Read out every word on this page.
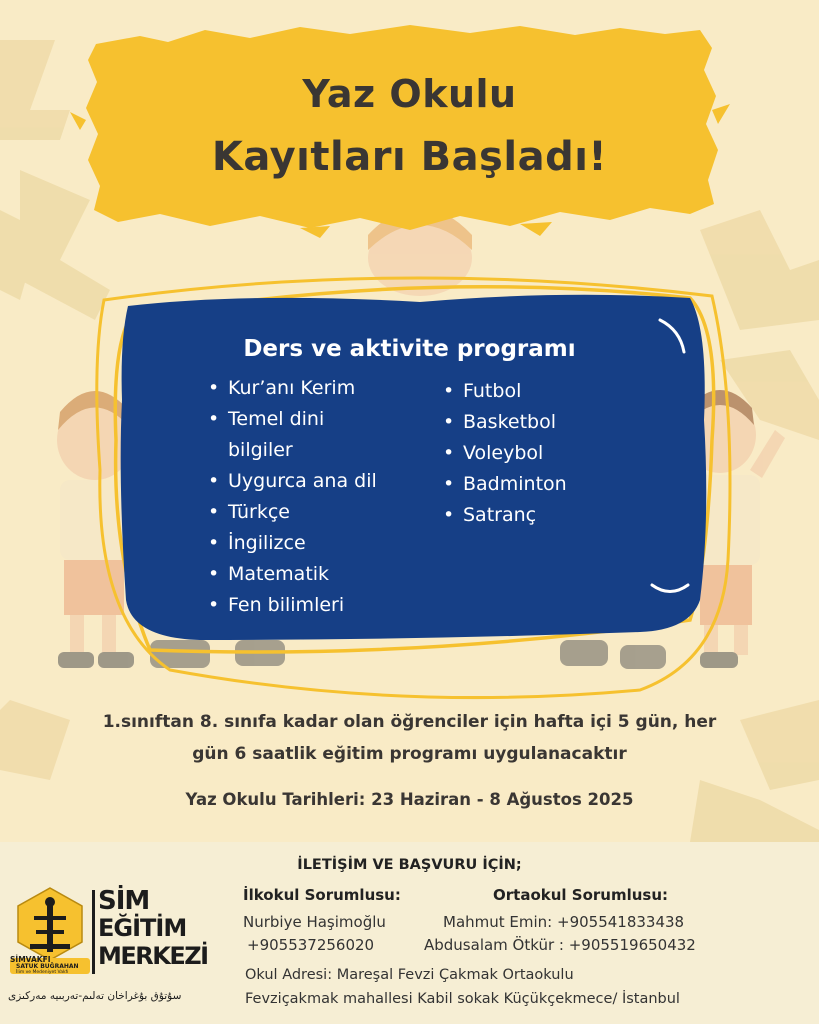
Yaz Okulu
Kayıtları Başladı!
Ders ve aktivite programı
• Kur’anı Kerim
• Temel dini
bilgiler
• Uygurca ana dil
• Türkçe
• İngilizce
• Matematik
• Fen bilimleri
• Futbol
• Basketbol
• Voleybol
• Badminton
• Satranç
1.sınıftan 8. sınıfa kadar olan öğrenciler için hafta içi 5 gün, her
gün 6 saatlik eğitim programı uygulanacaktır
Yaz Okulu Tarihleri: 23 Haziran - 8 Ağustos 2025
İLETİŞİM VE BAŞVURU İÇİN;
İlkokul Sorumlusu:
Nurbiye Haşimoğlu
+905537256020
Ortaokul Sorumlusu:
Mahmut Emin: +905541833438
Abdusalam Ötkür : +905519650432
Okul Adresi: Mareşal Fevzi Çakmak Ortaokulu
Fevziçakmak mahallesi Kabil sokak Küçükçekmece/ İstanbul
SİMVAKFI
SATUK BUĞRAHAN
İlim ve Medeniyet Vakfı
SİM
EĞİTİM
MERKEZİ
سۇتۇق بۇغراخان تەلىم-تەربىيە مەركىزى
